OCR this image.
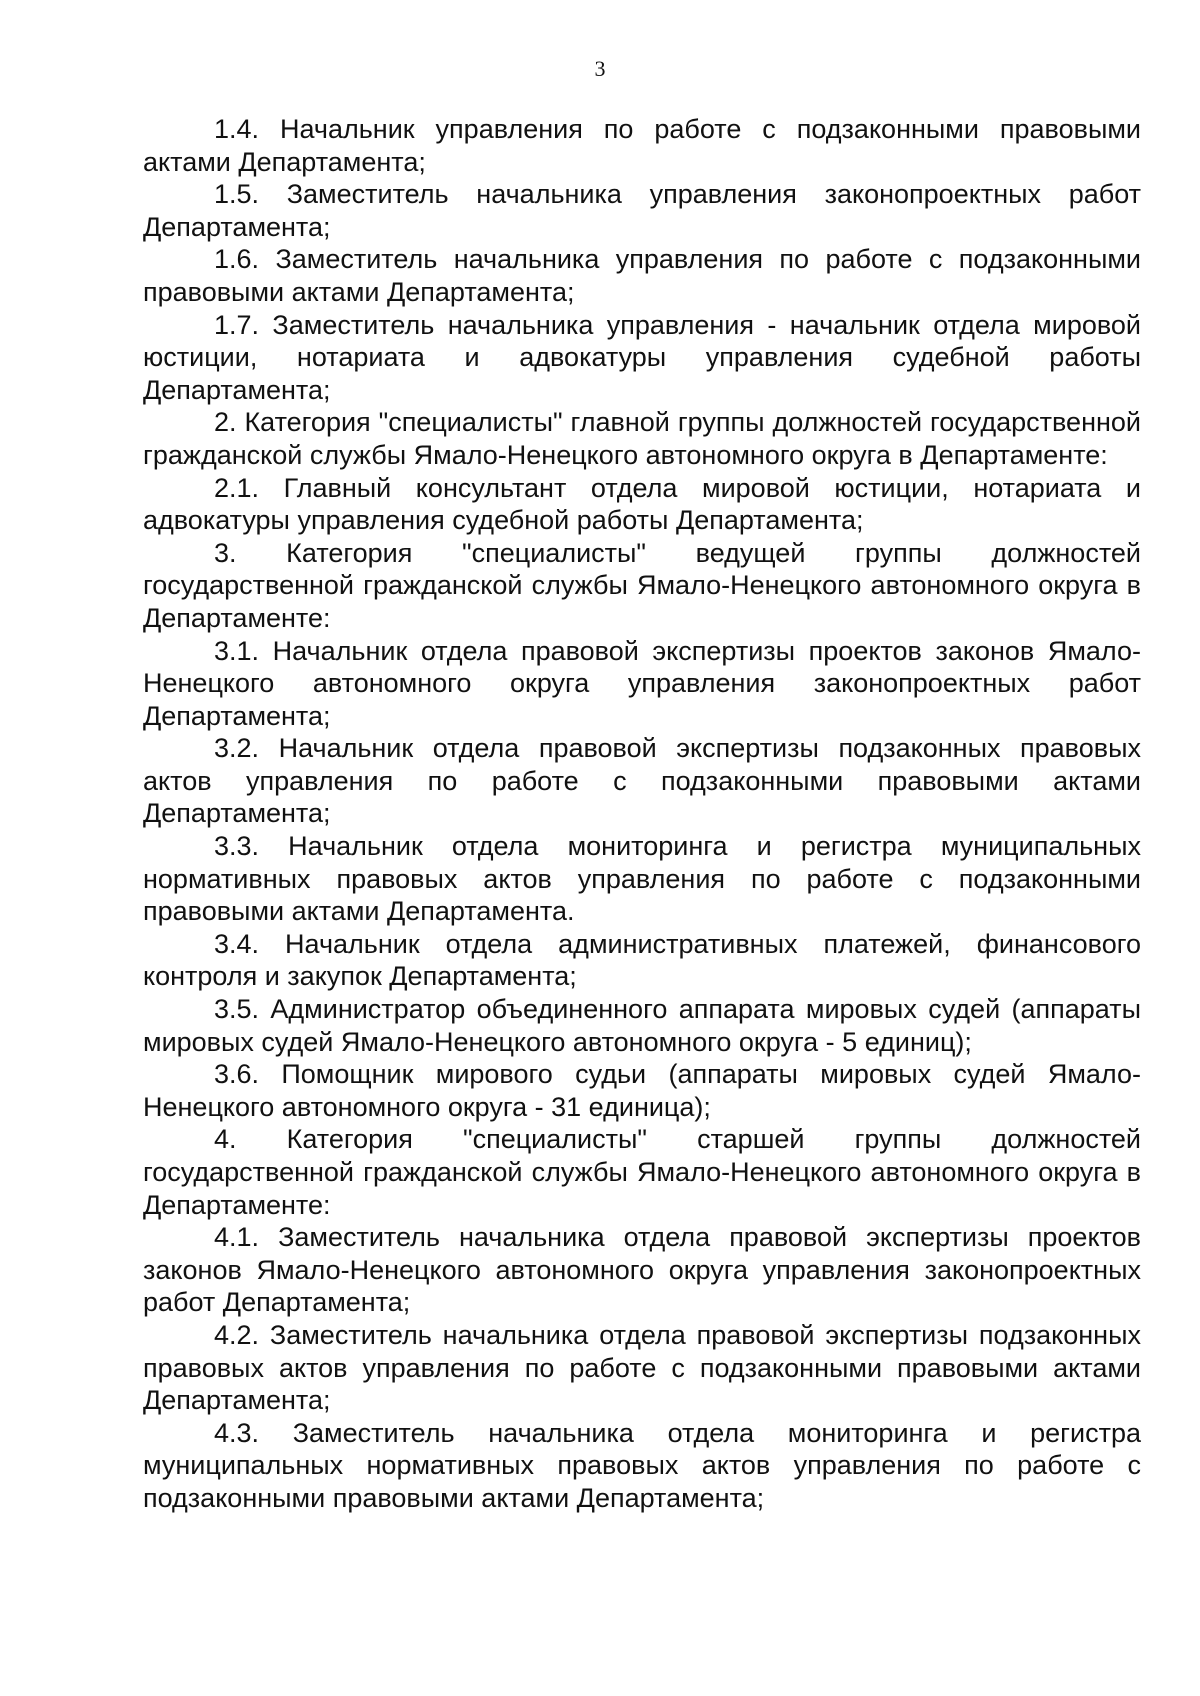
3

1.4. Начальник управления по работе с подзаконными правовыми актами Департамента;

1.5. Заместитель начальника управления законопроектных работ Департамента;

1.6. Заместитель начальника управления по работе с подзаконными правовыми актами Департамента;

1.7. Заместитель начальника управления - начальник отдела мировой юстиции, нотариата и адвокатуры управления судебной работы Департамента;

2. Категория "специалисты" главной группы должностей государственной гражданской службы Ямало-Ненецкого автономного округа в Департаменте:

2.1. Главный консультант отдела мировой юстиции, нотариата и адвокатуры управления судебной работы Департамента;

3. Категория "специалисты" ведущей группы должностей государственной гражданской службы Ямало-Ненецкого автономного округа в Департаменте:

3.1. Начальник отдела правовой экспертизы проектов законов Ямало-Ненецкого автономного округа управления законопроектных работ Департамента;

3.2. Начальник отдела правовой экспертизы подзаконных правовых актов управления по работе с подзаконными правовыми актами Департамента;

3.3. Начальник отдела мониторинга и регистра муниципальных нормативных правовых актов управления по работе с подзаконными правовыми актами Департамента.

3.4. Начальник отдела административных платежей, финансового контроля и закупок Департамента;

3.5. Администратор объединенного аппарата мировых судей (аппараты мировых судей Ямало-Ненецкого автономного округа - 5 единиц);

3.6. Помощник мирового судьи (аппараты мировых судей Ямало-Ненецкого автономного округа - 31 единица);

4. Категория "специалисты" старшей группы должностей государственной гражданской службы Ямало-Ненецкого автономного округа в Департаменте:

4.1. Заместитель начальника отдела правовой экспертизы проектов законов Ямало-Ненецкого автономного округа управления законопроектных работ Департамента;

4.2. Заместитель начальника отдела правовой экспертизы подзаконных правовых актов управления по работе с подзаконными правовыми актами Департамента;

4.3. Заместитель начальника отдела мониторинга и регистра муниципальных нормативных правовых актов управления по работе с подзаконными правовыми актами Департамента;
